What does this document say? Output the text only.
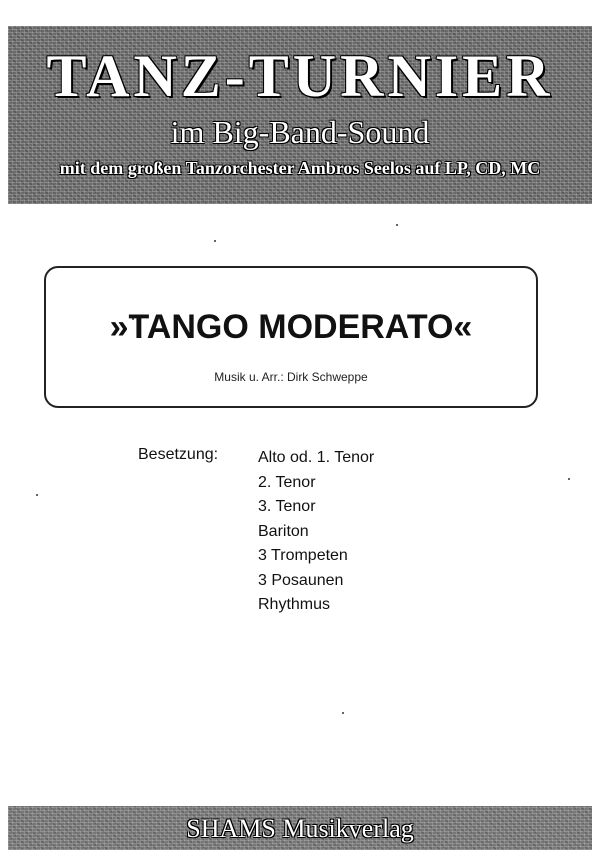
TANZ-TURNIER
im Big-Band-Sound
mit dem großen Tanzorchester Ambros Seelos auf LP, CD, MC
»TANGO MODERATO«
Musik u. Arr.: Dirk Schweppe
Besetzung: Alto od. 1. Tenor
2. Tenor
3. Tenor
Bariton
3 Trompeten
3 Posaunen
Rhythmus
SHAMS Musikverlag
